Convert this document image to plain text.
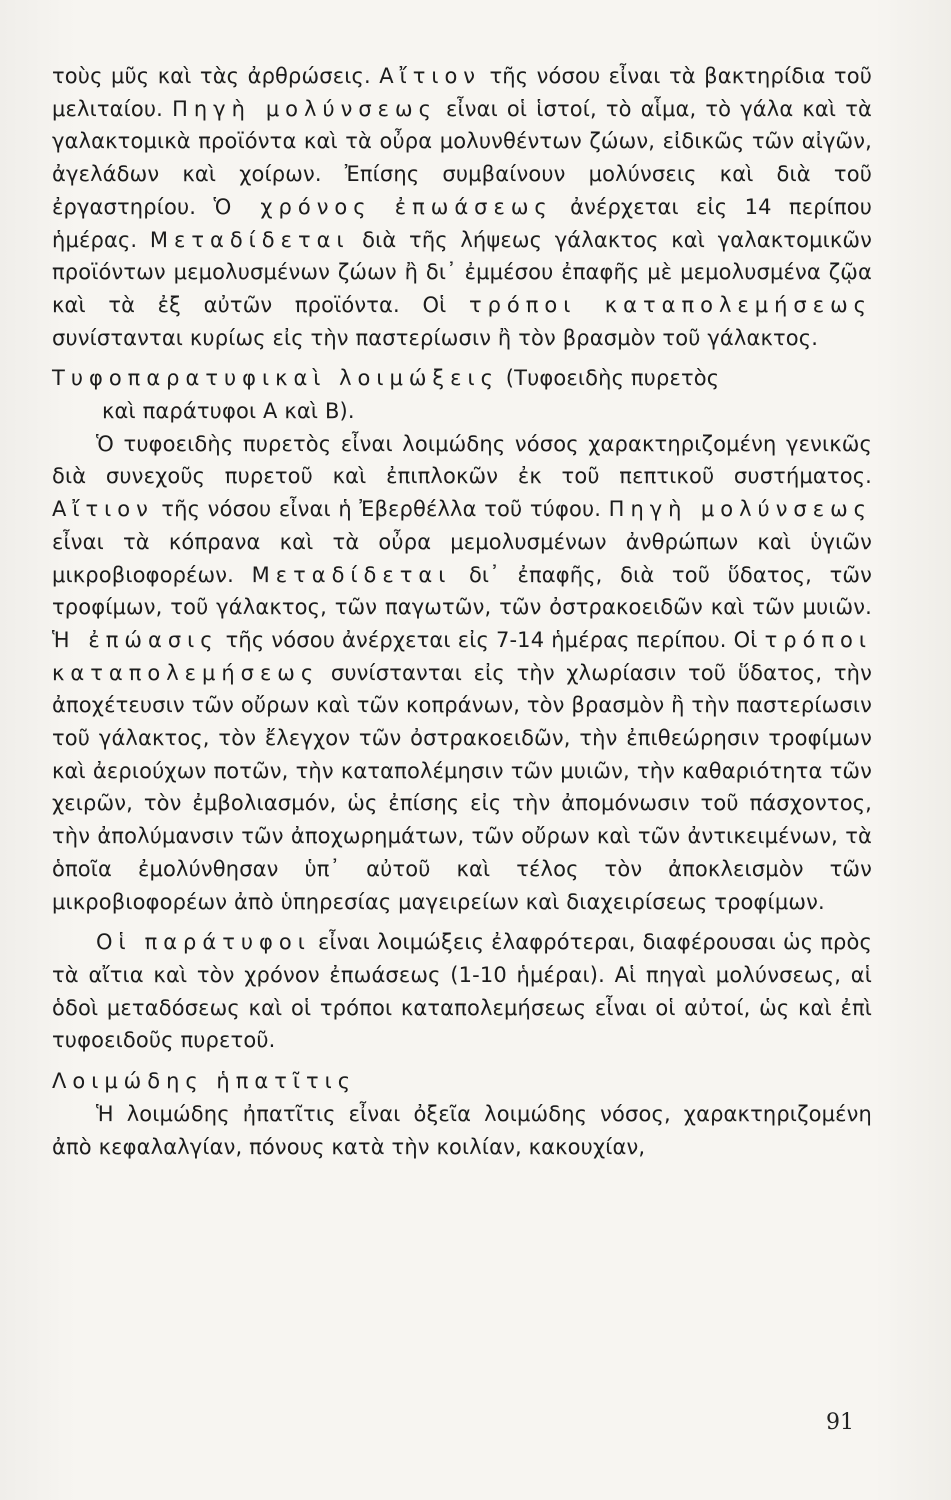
τοὺς μῦς καὶ τὰς ἀρθρώσεις. Αἴτιον τῆς νόσου εἶναι τὰ βακτηρίδια τοῦ μελιταίου. Πηγὴ μολύνσεως εἶναι οἱ ἱστοί, τὸ αἷμα, τὸ γάλα καὶ τὰ γαλακτομικὰ προϊόντα καὶ τὰ οὖρα μολυνθέντων ζώων, εἰδικῶς τῶν αἰγῶν, ἀγελάδων καὶ χοίρων. Ἐπίσης συμβαίνουν μολύνσεις καὶ διὰ τοῦ ἐργαστηρίου. Ὁ χρόνος ἐπωάσεως ἀνέρχεται εἰς 14 περίπου ἡμέρας. Μεταδίδεται διὰ τῆς λήψεως γάλακτος καὶ γαλακτομικῶν προϊόντων μεμολυσμένων ζώων ἢ δι᾽ ἐμμέσου ἐπαφῆς μὲ μεμολυσμένα ζῷα καὶ τὰ ἐξ αὐτῶν προϊόντα. Οἱ τρόποι καταπολεμήσεως συνίστανται κυρίως εἰς τὴν παστερίωσιν ἢ τὸν βρασμὸν τοῦ γάλακτος.

Τυφοπαρατυφικαὶ λοιμώξεις (Τυφοειδὴς πυρετὸς

καὶ παράτυφοι Α καὶ Β).

Ὁ τυφοειδὴς πυρετὸς εἶναι λοιμώδης νόσος χαρακτηριζομένη γενικῶς διὰ συνεχοῦς πυρετοῦ καὶ ἐπιπλοκῶν ἐκ τοῦ πεπτικοῦ συστήματος. Αἴτιον τῆς νόσου εἶναι ἡ Ἐβερθέλλα τοῦ τύφου. Πηγὴ μολύνσεως εἶναι τὰ κόπρανα καὶ τὰ οὖρα μεμολυσμένων ἀνθρώπων καὶ ὑγιῶν μικροβιοφορέων. Μεταδίδεται δι᾽ ἐπαφῆς, διὰ τοῦ ὕδατος, τῶν τροφίμων, τοῦ γάλακτος, τῶν παγωτῶν, τῶν ὀστρακοειδῶν καὶ τῶν μυιῶν. Ἡ ἐπώασις τῆς νόσου ἀνέρχεται εἰς 7-14 ἡμέρας περίπου. Οἱ τρόποι καταπολεμήσεως συνίστανται εἰς τὴν χλωρίασιν τοῦ ὕδατος, τὴν ἀποχέτευσιν τῶν οὔρων καὶ τῶν κοπράνων, τὸν βρασμὸν ἢ τὴν παστερίωσιν τοῦ γάλακτος, τὸν ἔλεγχον τῶν ὀστρακοειδῶν, τὴν ἐπιθεώρησιν τροφίμων καὶ ἀεριούχων ποτῶν, τὴν καταπολέμησιν τῶν μυιῶν, τὴν καθαριότητα τῶν χειρῶν, τὸν ἐμβολιασμόν, ὡς ἐπίσης εἰς τὴν ἀπομόνωσιν τοῦ πάσχοντος, τὴν ἀπολύμανσιν τῶν ἀποχωρημάτων, τῶν οὔρων καὶ τῶν ἀντικειμένων, τὰ ὁποῖα ἐμολύνθησαν ὑπ᾽ αὐτοῦ καὶ τέλος τὸν ἀποκλεισμὸν τῶν μικροβιοφορέων ἀπὸ ὑπηρεσίας μαγειρείων καὶ διαχειρίσεως τροφίμων.

Οἱ παράτυφοι εἶναι λοιμώξεις ἐλαφρότεραι, διαφέρουσαι ὡς πρὸς τὰ αἴτια καὶ τὸν χρόνον ἐπωάσεως (1-10 ἡμέραι). Αἱ πηγαὶ μολύνσεως, αἱ ὁδοὶ μεταδόσεως καὶ οἱ τρόποι καταπολεμήσεως εἶναι οἱ αὐτοί, ὡς καὶ ἐπὶ τυφοειδοῦς πυρετοῦ.

Λοιμώδης ἡπατῖτις

Ἡ λοιμώδης ἠπατῖτις εἶναι ὀξεῖα λοιμώδης νόσος, χαρακτηριζομένη ἀπὸ κεφαλαλγίαν, πόνους κατὰ τὴν κοιλίαν, κακουχίαν,

91
